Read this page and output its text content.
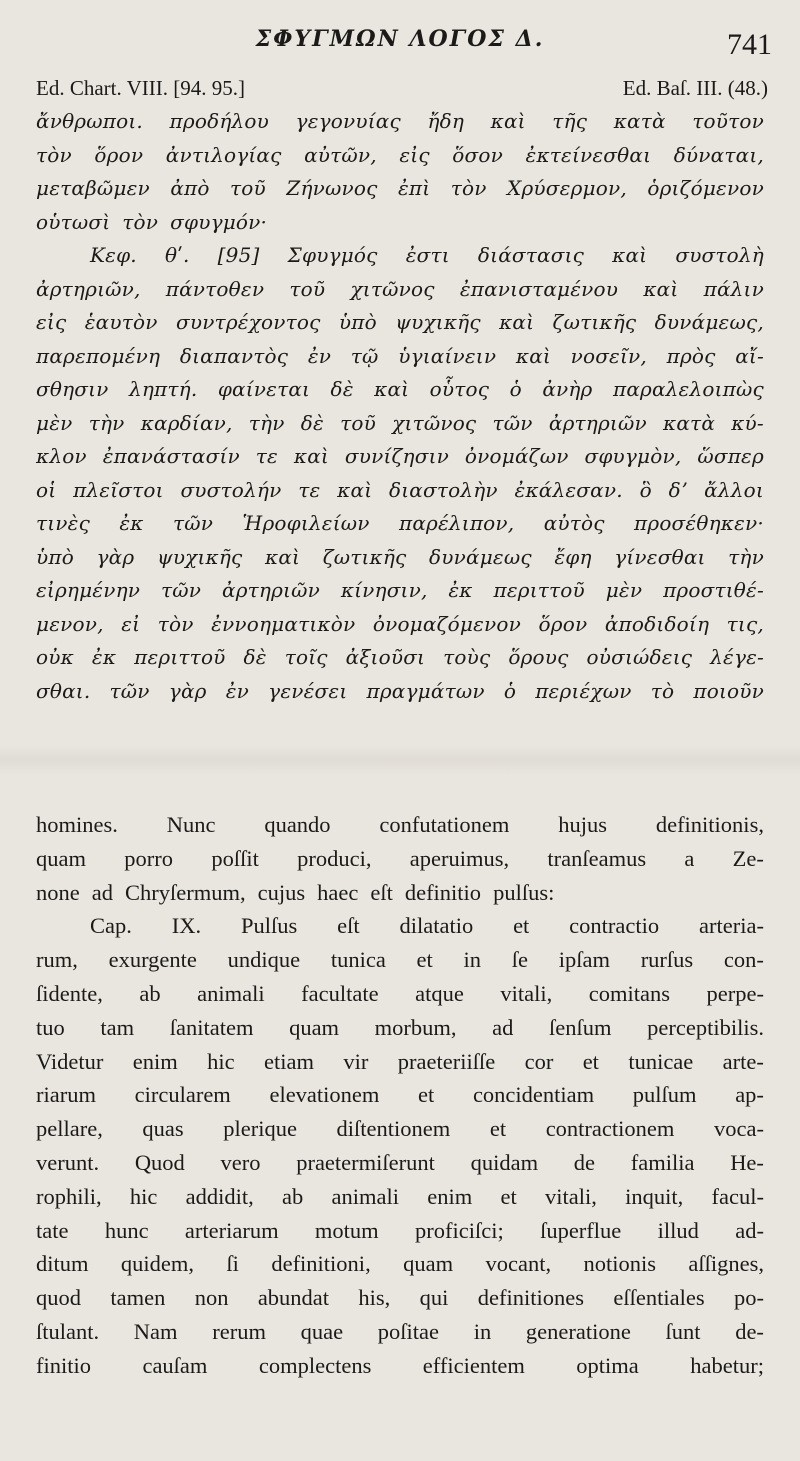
ΣΦΥΓΜΩΝ ΛΟΓΟΣ Δ.	741
Ed. Chart. VIII. [94. 95.]	Ed. Baſ. III. (48.)
ἄνθρωποι. προδήλου γεγονυίας ἤδη καὶ τῆς κατὰ τοῦτον
τὸν ὅρον ἀντιλογίας αὐτῶν, εἰς ὅσον ἐκτείνεσθαι δύναται,
μεταβῶμεν ἀπὸ τοῦ Ζήνωνος ἐπὶ τὸν Χρύσερμον, ὁριζόμενον
οὑτωσὶ τὸν σφυγμόν·
Κεφ. θʹ. [95] Σφυγμός ἐστι διάστασις καὶ συστολὴ
ἀρτηριῶν, πάντοθεν τοῦ χιτῶνος ἐπανισταμένου καὶ πάλιν
εἰς ἑαυτὸν συντρέχοντος ὑπὸ ψυχικῆς καὶ ζωτικῆς δυνάμεως,
παρεπομένη διαπαντὸς ἐν τῷ ὑγιαίνειν καὶ νοσεῖν, πρὸς αἴ-
σθησιν ληπτή. φαίνεται δὲ καὶ οὗτος ὁ ἀνὴρ παραλελοιπὼς
μὲν τὴν καρδίαν, τὴν δὲ τοῦ χιτῶνος τῶν ἀρτηριῶν κατὰ κύ-
κλον ἐπανάστασίν τε καὶ συνίζησιν ὀνομάζων σφυγμὸν, ὥσπερ
οἱ πλεῖστοι συστολήν τε καὶ διαστολὴν ἐκάλεσαν. ὃ δʼ ἄλλοι
τινὲς ἐκ τῶν Ἡροφιλείων παρέλιπον, αὐτὸς προσέθηκεν·
ὑπὸ γὰρ ψυχικῆς καὶ ζωτικῆς δυνάμεως ἔφη γίνεσθαι τὴν
εἰρημένην τῶν ἀρτηριῶν κίνησιν, ἐκ περιττοῦ μὲν προστιθέ-
μενον, εἰ τὸν ἐννοηματικὸν ὀνομαζόμενον ὅρον ἀποδιδοίη τις,
οὐκ ἐκ περιττοῦ δὲ τοῖς ἀξιοῦσι τοὺς ὅρους οὐσιώδεις λέγε-
σθαι. τῶν γὰρ ἐν γενέσει πραγμάτων ὁ περιέχων τὸ ποιοῦν
homines. Nunc quando confutationem hujus definitionis,
quam porro poſſit produci, aperuimus, tranſeamus a Ze-
none ad Chryſermum, cujus haec eſt definitio pulſus:
Cap. IX. Pulſus eſt dilatatio et contractio arteria-
rum, exurgente undique tunica et in ſe ipſam rurſus con-
ſidente, ab animali facultate atque vitali, comitans perpe-
tuo tam ſanitatem quam morbum, ad ſenſum perceptibilis.
Videtur enim hic etiam vir praeteriiſſe cor et tunicae arte-
riarum circularem elevationem et concidentiam pulſum ap-
pellare, quas plerique diſtentionem et contractionem voca-
verunt. Quod vero praetermiſerunt quidam de familia He-
rophili, hic addidit, ab animali enim et vitali, inquit, facul-
tate hunc arteriarum motum proficiſci; ſuperflue illud ad-
ditum quidem, ſi definitioni, quam vocant, notionis aſſignes,
quod tamen non abundat his, qui definitiones eſſentiales po-
ſtulant. Nam rerum quae poſitae in generatione ſunt de-
finitio cauſam complectens efficientem optima habetur;
